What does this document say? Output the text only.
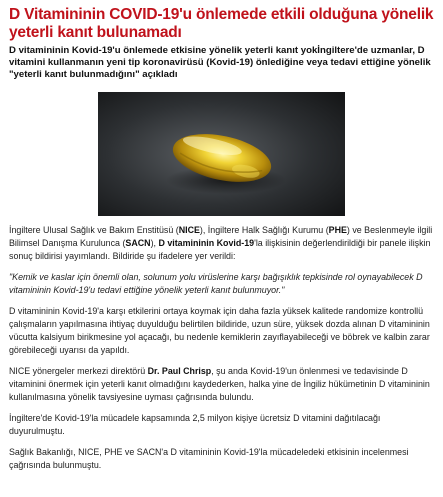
D Vitamininin COVID-19'u önlemede etkili olduğuna yönelik yeterli kanıt bulunamadı

D vitamininin Kovid-19'u önlemede etkisine yönelik yeterli kanıt yokİngiltere'de uzmanlar, D vitamini kullanmanın yeni tip koronavirüsü (Kovid-19) önlediğine veya tedavi ettiğine yönelik "yeterli kanıt bulunmadığını" açıkladı

İngiltere Ulusal Sağlık ve Bakım Enstitüsü (NICE), İngiltere Halk Sağlığı Kurumu (PHE) ve Beslenmeyle ilgili Bilimsel Danışma Kurulunca (SACN), D vitamininin Kovid-19'la ilişkisinin değerlendirildiği bir panele ilişkin sonuç bildirisi yayımlandı. Bildiride şu ifadelere yer verildi:

"Kemik ve kaslar için önemli olan, solunum yolu virüslerine karşı bağışıklık tepkisinde rol oynayabilecek D vitamininin Kovid-19'u tedavi ettiğine yönelik yeterli kanıt bulunmuyor."

D vitamininin Kovid-19'a karşı etkilerini ortaya koymak için daha fazla yüksek kalitede randomize kontrollü çalışmaların yapılmasına ihtiyaç duyulduğu belirtilen bildiride, uzun süre, yüksek dozda alınan D vitamininin vücutta kalsiyum birikmesine yol açacağı, bu nedenle kemiklerin zayıflayabileceği ve böbrek ve kalbin zarar görebileceği uyarısı da yapıldı.

NICE yönergeler merkezi direktörü Dr. Paul Chrisp, şu anda Kovid-19'un önlenmesi ve tedavisinde D vitaminini önermek için yeterli kanıt olmadığını kaydederken, halka yine de İngiliz hükümetinin D vitamininin kullanılmasına yönelik tavsiyesine uyması çağrısında bulundu.

İngiltere'de Kovid-19'la mücadele kapsamında 2,5 milyon kişiye ücretsiz D vitamini dağıtılacağı duyurulmuştu.

Sağlık Bakanlığı, NICE, PHE ve SACN'a D vitamininin Kovid-19'la mücadeledeki etkisinin incelenmesi çağrısında bulunmuştu.
